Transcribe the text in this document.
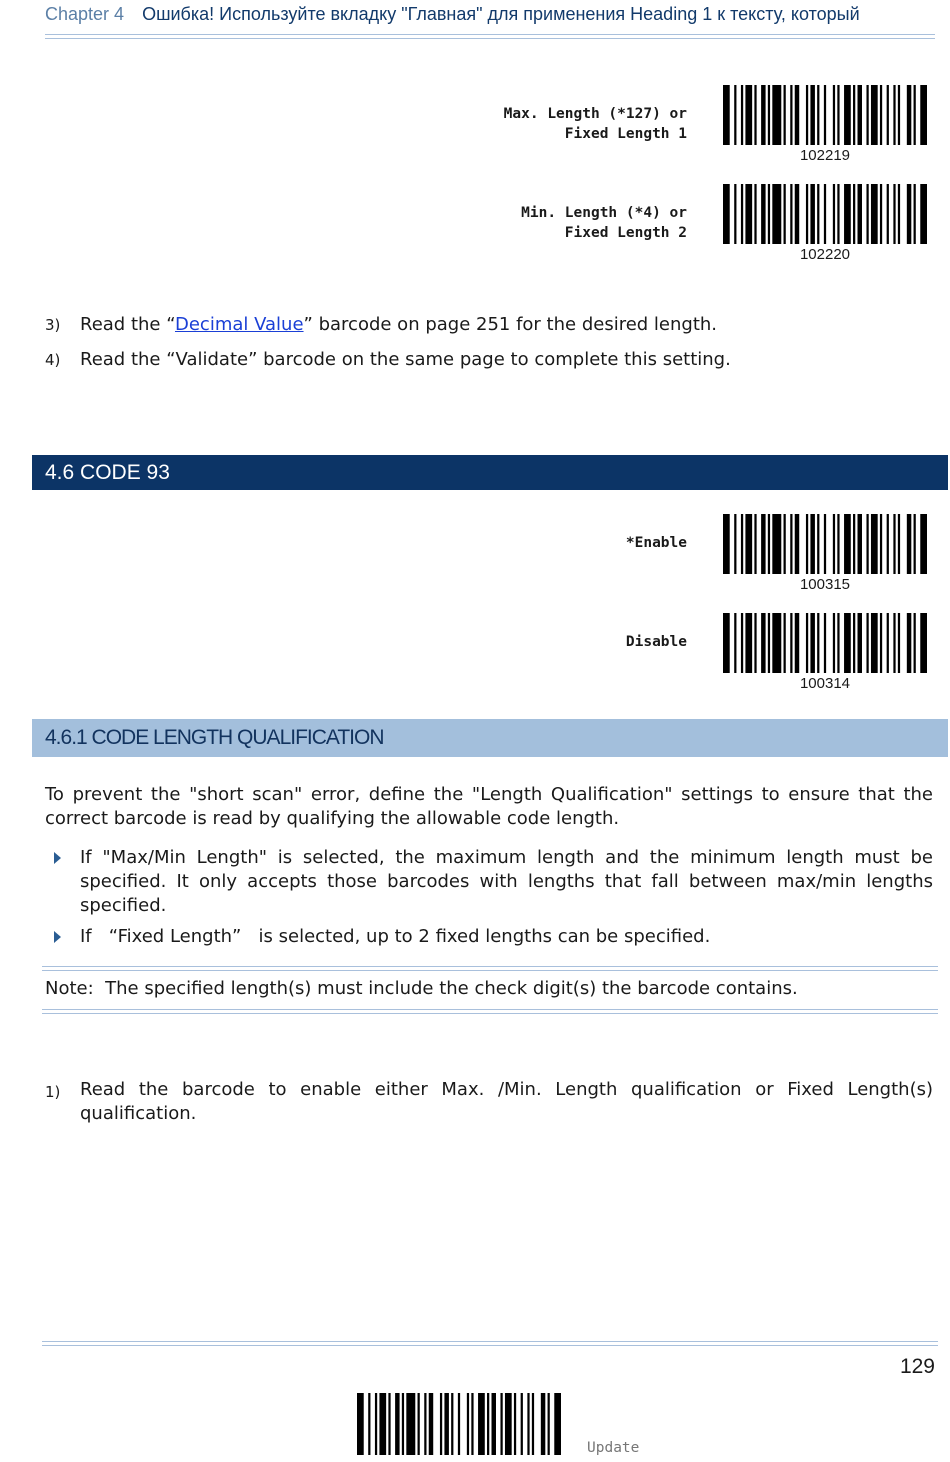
Chapter 4 Ошибка! Используйте вкладку "Главная" для применения Heading 1 к тексту, который
Max. Length (*127) or
Fixed Length 1
102219
Min. Length (*4) or
Fixed Length 2
102220
3) Read the “Decimal Value” barcode on page 251 for the desired length.
4) Read the “Validate” barcode on the same page to complete this setting.
4.6 CODE 93
*Enable
100315
Disable
100314
4.6.1 CODE LENGTH QUALIFICATION
To prevent the "short scan" error, define the "Length Qualification" settings to ensure that the correct barcode is read by qualifying the allowable code length.
If "Max/Min Length" is selected, the maximum length and the minimum length must be specified. It only accepts those barcodes with lengths that fall between max/min lengths specified.
If   “Fixed Length”   is selected, up to 2 fixed lengths can be specified.
Note:  The specified length(s) must include the check digit(s) the barcode contains.
1) Read the barcode to enable either Max. /Min. Length qualification or Fixed Length(s) qualification.
129
Update
